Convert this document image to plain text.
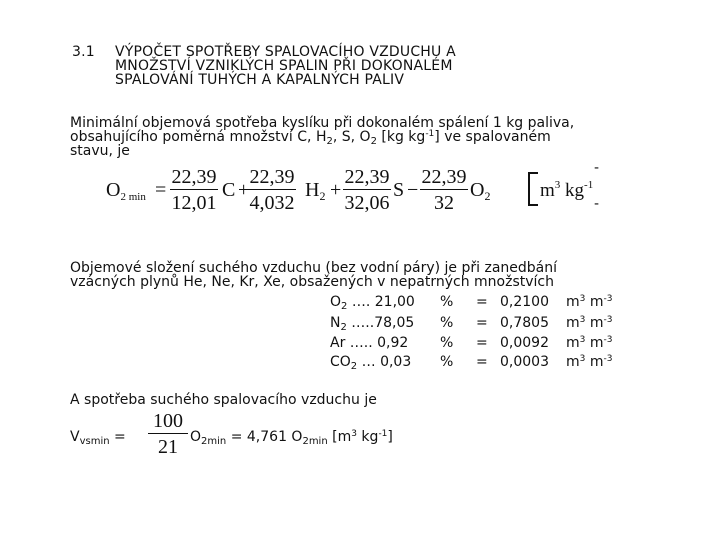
3.1 VÝPOČET SPOTŘEBY SPALOVACÍHO VZDUCHU A
MNOŽSTVÍ VZNIKLÝCH SPALIN PŘI DOKONALÉM
SPALOVÁNÍ TUHÝCH A KAPALNÝCH PALIV
Minimální objemová spotřeba kyslíku při dokonalém spálení 1 kg paliva,
obsahujícího poměrná množství C, $H_2$, S, $O_2$ [kg $kg^{-1}$] ve spalovaném
stavu, je
$O_{2 min}$ =
22,39
12,01
C +
22,39
4,032
$H_2$ +
22,39
32,06
S −
22,39
32
$O_2$	$m^3$ $kg^{-1}$
-
-
Objemové složení suchého vzduchu (bez vodní páry) je při zanedbání
vzácných plynů He, Ne, Kr, Xe, obsažených v nepatrných množstvích
$O_2$ …. 21,00 % = 0,2100 $m^3$ $m^{-3}$
$N_2$ …..78,05 % = 0,7805 $m^3$ $m^{-3}$
Ar ….. 0,92 % = 0,0092 $m^3$ $m^{-3}$
$CO_2$ … 0,03 % = 0,0003 $m^3$ $m^{-3}$
A spotřeba suchého spalovacího vzduchu je
$V_{vsmin}$ =
100
21 $O_{2min} = 4,761$ $O_{2min}$ [$m^3$ $kg^{-1}$]
